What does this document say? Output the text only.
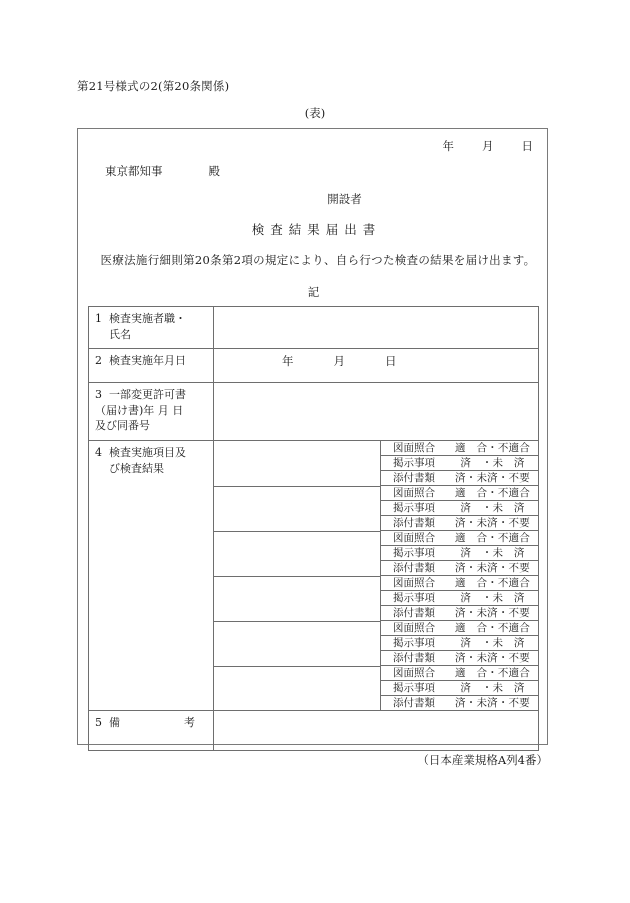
第21号様式の2(第20条関係)
(表)
年 月 日
東京都知事	殿
開設者
検査結果届出書
医療法施行細則第20条第2項の規定により、自ら行つた検査の結果を届け出ます。
記
1 検査実施者職・
氏名	
2 検査実施年月日	年	月	日

3 一部変更許可書
（届け書)年 月 日
及び同番号	
4 検査実施項目及
び検査結果	

図面照合	適　合・不適合
掲示事項	済　・未　済
添付書類	済・未済・不要

図面照合	適　合・不適合
掲示事項	済　・未　済
添付書類	済・未済・不要

図面照合	適　合・不適合
掲示事項	済　・未　済
添付書類	済・未済・不要

図面照合	適　合・不適合
掲示事項	済　・未　済
添付書類	済・未済・不要

図面照合	適　合・不適合
掲示事項	済　・未　済
添付書類	済・未済・不要

図面照合	適　合・不適合
掲示事項	済　・未　済
添付書類	済・未済・不要

5 備	考	
（日本産業規格A列4番）
